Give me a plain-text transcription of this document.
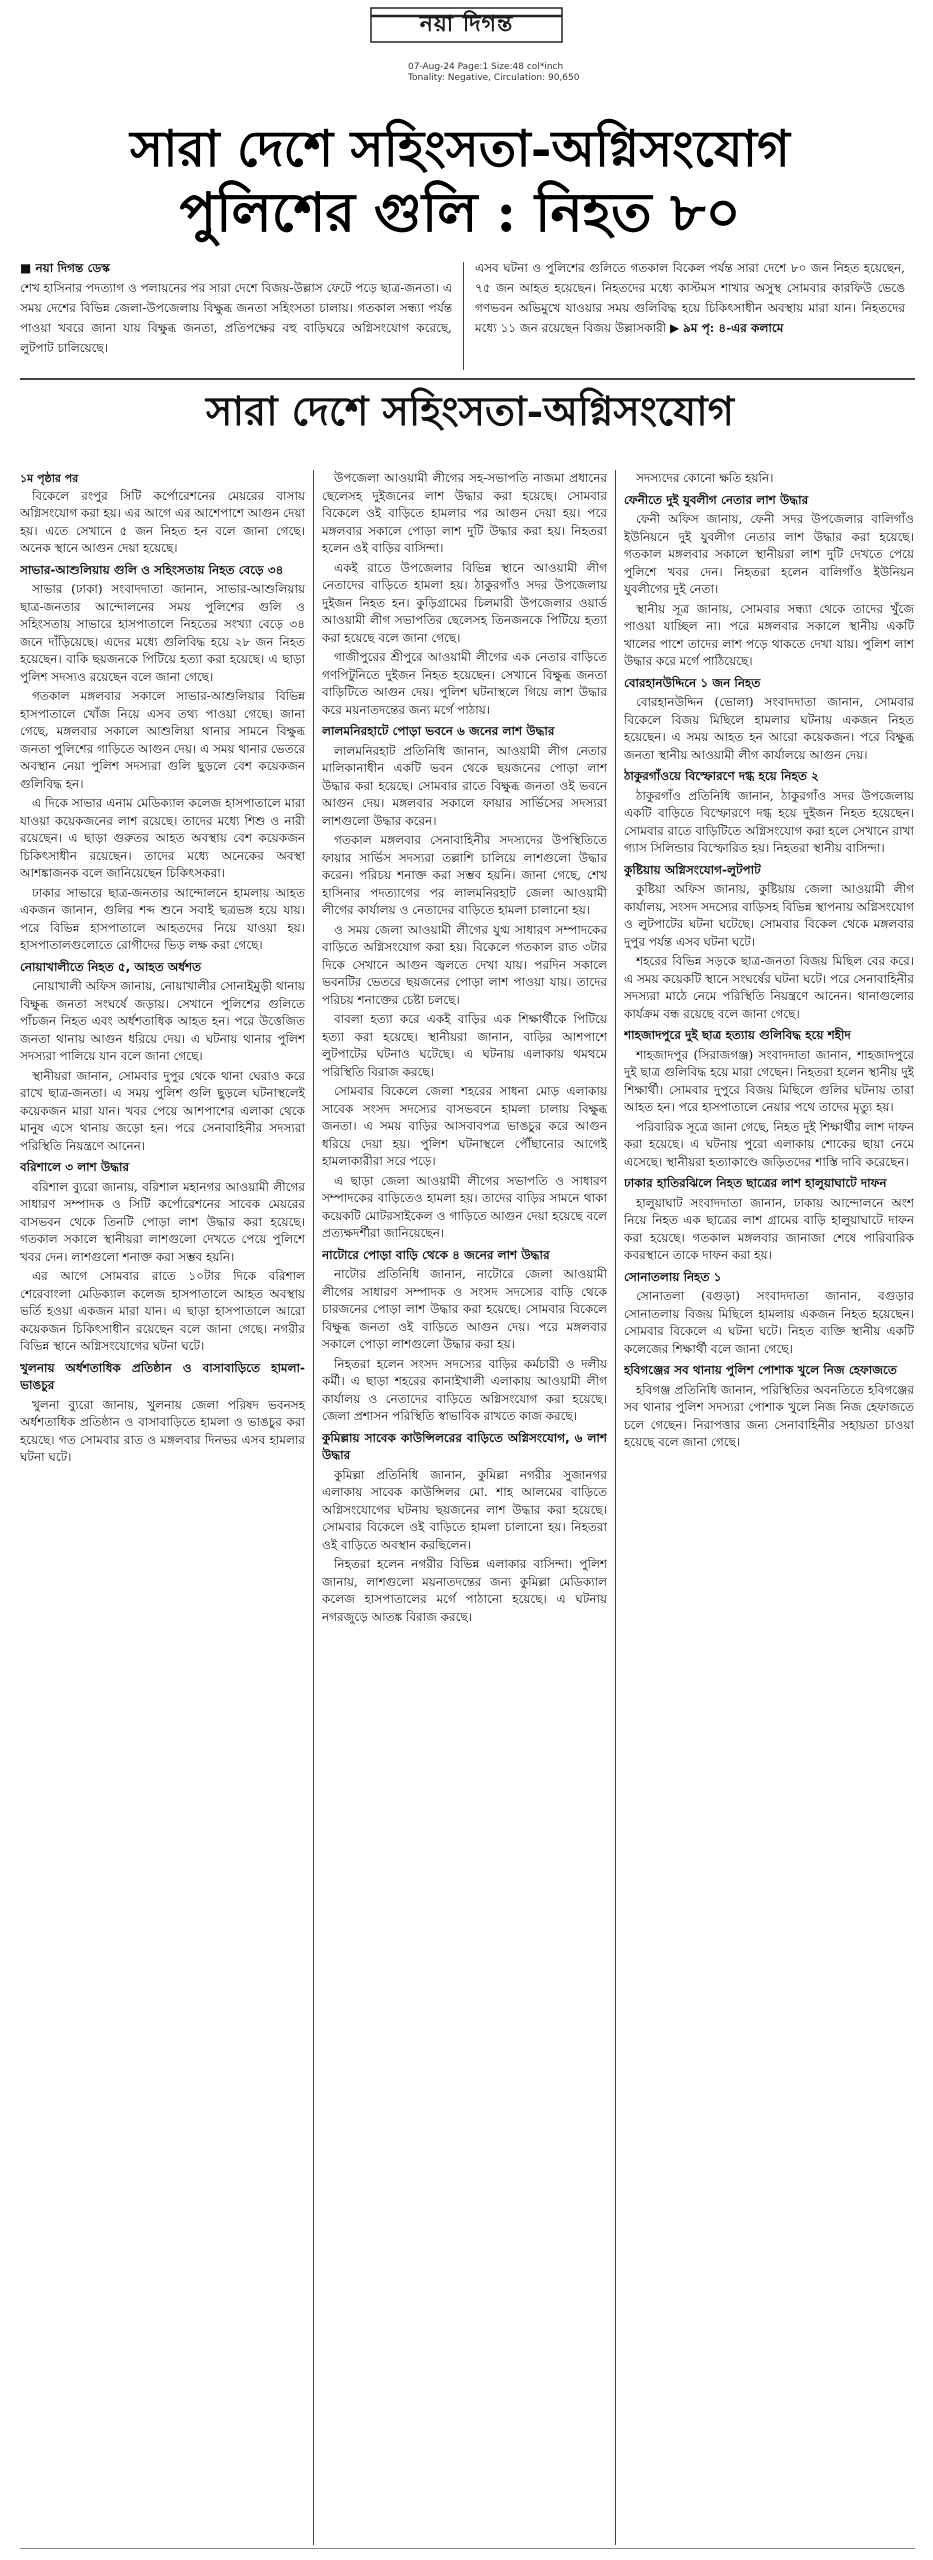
নয়া দিগন্ত
07-Aug-24 Page:1 Size:48 col*inch
Tonality: Negative, Circulation: 90,650
সারা দেশে সহিংসতা-অগ্নিসংযোগ
পুলিশের গুলি : নিহত ৮০
■ নয়া দিগন্ত ডেস্ক
শেখ হাসিনার পদত্যাগ ও পলায়নের পর সারা দেশে বিজয়-উল্লাস ফেটে পড়ে ছাত্র-জনতা। এ সময় দেশের বিভিন্ন জেলা-উপজেলায় বিক্ষুব্ধ জনতা সহিংসতা চালায়। গতকাল সন্ধ্যা পর্যন্ত পাওয়া খবরে জানা যায় বিক্ষুব্ধ জনতা, প্রতিপক্ষের বহু বাড়িঘরে অগ্নিসংযোগ করেছে, লুটপাট চালিয়েছে।
এসব ঘটনা ও পুলিশের গুলিতে গতকাল বিকেল পর্যন্ত সারা দেশে ৮০ জন নিহত হয়েছেন, ৭৫ জন আহত হয়েছেন। নিহতদের মধ্যে কাস্টমস শাখার অসুস্থ সোমবার কারফিউ ভেঙে গণভবন অভিমুখে যাওয়ার সময় গুলিবিদ্ধ হয়ে চিকিৎসাধীন অবস্থায় মারা যান। নিহতদের মধ্যে ১১ জন রয়েছেন বিজয় উল্লাসকারী ▶ ৯ম পৃ: ৪-এর কলামে
সারা দেশে সহিংসতা-অগ্নিসংযোগ
১ম পৃষ্ঠার পর

বিকেলে রংপুর সিটি কর্পোরেশনের মেয়রের বাসায় অগ্নিসংযোগ করা হয়। এর আগে এর আশেপাশে আগুন দেয়া হয়। এতে সেখানে ৫ জন নিহত হন বলে জানা গেছে। অনেক স্থানে আগুন দেয়া হয়েছে।

সাভার-আশুলিয়ায় গুলি ও সহিংসতায় নিহত বেড়ে ৩৪

সাভার (ঢাকা) সংবাদদাতা জানান, সাভার-আশুলিয়ায় ছাত্র-জনতার আন্দোলনের সময় পুলিশের গুলি ও সহিংসতায় সাভারে হাসপাতালে নিহতের সংখ্যা বেড়ে ৩৪ জনে দাঁড়িয়েছে। এদের মধ্যে গুলিবিদ্ধ হয়ে ২৮ জন নিহত হয়েছেন। বাকি ছয়জনকে পিটিয়ে হত্যা করা হয়েছে। এ ছাড়া পুলিশ সদস্যও রয়েছেন বলে জানা গেছে।

গতকাল মঙ্গলবার সকালে সাভার-আশুলিয়ার বিভিন্ন হাসপাতালে খোঁজ নিয়ে এসব তথ্য পাওয়া গেছে। জানা গেছে, মঙ্গলবার সকালে আশুলিয়া থানার সামনে বিক্ষুব্ধ জনতা পুলিশের গাড়িতে আগুন দেয়। এ সময় থানার ভেতরে অবস্থান নেয়া পুলিশ সদস্যরা গুলি ছুড়লে বেশ কয়েকজন গুলিবিদ্ধ হন।

এ দিকে সাভার এনাম মেডিক্যাল কলেজ হাসপাতালে মারা যাওয়া কয়েকজনের লাশ রয়েছে। তাদের মধ্যে শিশু ও নারী রয়েছেন। এ ছাড়া গুরুতর আহত অবস্থায় বেশ কয়েকজন চিকিৎসাধীন রয়েছেন। তাদের মধ্যে অনেকের অবস্থা আশঙ্কাজনক বলে জানিয়েছেন চিকিৎসকরা।

ঢাকার সাভারে ছাত্র-জনতার আন্দোলনে হামলায় আহত একজন জানান, গুলির শব্দ শুনে সবাই ছত্রভঙ্গ হয়ে যায়। পরে বিভিন্ন হাসপাতালে আহতদের নিয়ে যাওয়া হয়। হাসপাতালগুলোতে রোগীদের ভিড় লক্ষ করা গেছে।

নোয়াখালীতে নিহত ৫, আহত অর্ধশত

নোয়াখালী অফিস জানায়, নোয়াখালীর সোনাইমুড়ী থানায় বিক্ষুব্ধ জনতা সংঘর্ষে জড়ায়। সেখানে পুলিশের গুলিতে পাঁচজন নিহত এবং অর্ধশতাধিক আহত হন। পরে উত্তেজিত জনতা থানায় আগুন ধরিয়ে দেয়। এ ঘটনায় থানার পুলিশ সদস্যরা পালিয়ে যান বলে জানা গেছে।

স্থানীয়রা জানান, সোমবার দুপুর থেকে থানা ঘেরাও করে রাখে ছাত্র-জনতা। এ সময় পুলিশ গুলি ছুড়লে ঘটনাস্থলেই কয়েকজন মারা যান। খবর পেয়ে আশপাশের এলাকা থেকে মানুষ এসে থানায় জড়ো হন। পরে সেনাবাহিনীর সদস্যরা পরিস্থিতি নিয়ন্ত্রণে আনেন।

বরিশালে ৩ লাশ উদ্ধার

বরিশাল ব্যুরো জানায়, বরিশাল মহানগর আওয়ামী লীগের সাধারণ সম্পাদক ও সিটি কর্পোরেশনের সাবেক মেয়রের বাসভবন থেকে তিনটি পোড়া লাশ উদ্ধার করা হয়েছে। গতকাল সকালে স্থানীয়রা লাশগুলো দেখতে পেয়ে পুলিশে খবর দেন। লাশগুলো শনাক্ত করা সম্ভব হয়নি।

এর আগে সোমবার রাতে ১০টার দিকে বরিশাল শেরেবাংলা মেডিক্যাল কলেজ হাসপাতালে আহত অবস্থায় ভর্তি হওয়া একজন মারা যান। এ ছাড়া হাসপাতালে আরো কয়েকজন চিকিৎসাধীন রয়েছেন বলে জানা গেছে। নগরীর বিভিন্ন স্থানে অগ্নিসংযোগের ঘটনা ঘটে।

খুলনায় অর্ধশতাধিক প্রতিষ্ঠান ও বাসাবাড়িতে হামলা-ভাঙচুর

খুলনা ব্যুরো জানায়, খুলনায় জেলা পরিষদ ভবনসহ অর্ধশতাধিক প্রতিষ্ঠান ও বাসাবাড়িতে হামলা ও ভাঙচুর করা হয়েছে। গত সোমবার রাত ও মঙ্গলবার দিনভর এসব হামলার ঘটনা ঘটে।

উপজেলা আওয়ামী লীগের সহ-সভাপতি নাজমা প্রধানের ছেলেসহ দুইজনের লাশ উদ্ধার করা হয়েছে। সোমবার বিকেলে ওই বাড়িতে হামলার পর আগুন দেয়া হয়। পরে মঙ্গলবার সকালে পোড়া লাশ দুটি উদ্ধার করা হয়। নিহতরা হলেন ওই বাড়ির বাসিন্দা।

একই রাতে উপজেলার বিভিন্ন স্থানে আওয়ামী লীগ নেতাদের বাড়িতে হামলা হয়। ঠাকুরগাঁও সদর উপজেলায় দুইজন নিহত হন। কুড়িগ্রামের চিলমারী উপজেলার ওয়ার্ড আওয়ামী লীগ সভাপতির ছেলেসহ তিনজনকে পিটিয়ে হত্যা করা হয়েছে বলে জানা গেছে।

গাজীপুরের শ্রীপুরে আওয়ামী লীগের এক নেতার বাড়িতে গণপিটুনিতে দুইজন নিহত হয়েছেন। সেখানে বিক্ষুব্ধ জনতা বাড়িটিতে আগুন দেয়। পুলিশ ঘটনাস্থলে গিয়ে লাশ উদ্ধার করে ময়নাতদন্তের জন্য মর্গে পাঠায়।

লালমনিরহাটে পোড়া ভবনে ৬ জনের লাশ উদ্ধার

লালমনিরহাট প্রতিনিধি জানান, আওয়ামী লীগ নেতার মালিকানাধীন একটি ভবন থেকে ছয়জনের পোড়া লাশ উদ্ধার করা হয়েছে। সোমবার রাতে বিক্ষুব্ধ জনতা ওই ভবনে আগুন দেয়। মঙ্গলবার সকালে ফায়ার সার্ভিসের সদস্যরা লাশগুলো উদ্ধার করেন।

গতকাল মঙ্গলবার সেনাবাহিনীর সদস্যদের উপস্থিতিতে ফায়ার সার্ভিস সদস্যরা তল্লাশি চালিয়ে লাশগুলো উদ্ধার করেন। পরিচয় শনাক্ত করা সম্ভব হয়নি। জানা গেছে, শেখ হাসিনার পদত্যাগের পর লালমনিরহাট জেলা আওয়ামী লীগের কার্যালয় ও নেতাদের বাড়িতে হামলা চালানো হয়।

ও সময় জেলা আওয়ামী লীগের যুগ্ম সাধারণ সম্পাদকের বাড়িতে অগ্নিসংযোগ করা হয়। বিকেলে গতকাল রাত ৩টার দিকে সেখানে আগুন জ্বলতে দেখা যায়। পরদিন সকালে ভবনটির ভেতরে ছয়জনের পোড়া লাশ পাওয়া যায়। তাদের পরিচয় শনাক্তের চেষ্টা চলছে।

বাবলা হত্যা করে একই বাড়ির এক শিক্ষার্থীকে পিটিয়ে হত্যা করা হয়েছে। স্থানীয়রা জানান, বাড়ির আশপাশে লুটপাটের ঘটনাও ঘটেছে। এ ঘটনায় এলাকায় থমথমে পরিস্থিতি বিরাজ করছে।

সোমবার বিকেলে জেলা শহরের সাধনা মোড় এলাকায় সাবেক সংসদ সদস্যের বাসভবনে হামলা চালায় বিক্ষুব্ধ জনতা। এ সময় বাড়ির আসবাবপত্র ভাঙচুর করে আগুন ধরিয়ে দেয়া হয়। পুলিশ ঘটনাস্থলে পৌঁছানোর আগেই হামলাকারীরা সরে পড়ে।

এ ছাড়া জেলা আওয়ামী লীগের সভাপতি ও সাধারণ সম্পাদকের বাড়িতেও হামলা হয়। তাদের বাড়ির সামনে থাকা কয়েকটি মোটরসাইকেল ও গাড়িতে আগুন দেয়া হয়েছে বলে প্রত্যক্ষদর্শীরা জানিয়েছেন।

নাটোরে পোড়া বাড়ি থেকে ৪ জনের লাশ উদ্ধার

নাটোর প্রতিনিধি জানান, নাটোরে জেলা আওয়ামী লীগের সাধারণ সম্পাদক ও সংসদ সদস্যের বাড়ি থেকে চারজনের পোড়া লাশ উদ্ধার করা হয়েছে। সোমবার বিকেলে বিক্ষুব্ধ জনতা ওই বাড়িতে আগুন দেয়। পরে মঙ্গলবার সকালে পোড়া লাশগুলো উদ্ধার করা হয়।

নিহতরা হলেন সংসদ সদস্যের বাড়ির কর্মচারী ও দলীয় কর্মী। এ ছাড়া শহরের কানাইখালী এলাকায় আওয়ামী লীগ কার্যালয় ও নেতাদের বাড়িতে অগ্নিসংযোগ করা হয়েছে। জেলা প্রশাসন পরিস্থিতি স্বাভাবিক রাখতে কাজ করছে।

কুমিল্লায় সাবেক কাউন্সিলরের বাড়িতে অগ্নিসংযোগ, ৬ লাশ উদ্ধার

কুমিল্লা প্রতিনিধি জানান, কুমিল্লা নগরীর সুজানগর এলাকায় সাবেক কাউন্সিলর মো. শাহ আলমের বাড়িতে অগ্নিসংযোগের ঘটনায় ছয়জনের লাশ উদ্ধার করা হয়েছে। সোমবার বিকেলে ওই বাড়িতে হামলা চালানো হয়। নিহতরা ওই বাড়িতে অবস্থান করছিলেন।

নিহতরা হলেন নগরীর বিভিন্ন এলাকার বাসিন্দা। পুলিশ জানায়, লাশগুলো ময়নাতদন্তের জন্য কুমিল্লা মেডিক্যাল কলেজ হাসপাতালের মর্গে পাঠানো হয়েছে। এ ঘটনায় নগরজুড়ে আতঙ্ক বিরাজ করছে।

সদস্যদের কোনো ক্ষতি হয়নি।

ফেনীতে দুই যুবলীগ নেতার লাশ উদ্ধার

ফেনী অফিস জানায়, ফেনী সদর উপজেলার বালিগাঁও ইউনিয়নে দুই যুবলীগ নেতার লাশ উদ্ধার করা হয়েছে। গতকাল মঙ্গলবার সকালে স্থানীয়রা লাশ দুটি দেখতে পেয়ে পুলিশে খবর দেন। নিহতরা হলেন বালিগাঁও ইউনিয়ন যুবলীগের দুই নেতা।

স্থানীয় সূত্র জানায়, সোমবার সন্ধ্যা থেকে তাদের খুঁজে পাওয়া যাচ্ছিল না। পরে মঙ্গলবার সকালে স্থানীয় একটি খালের পাশে তাদের লাশ পড়ে থাকতে দেখা যায়। পুলিশ লাশ উদ্ধার করে মর্গে পাঠিয়েছে।

বোরহানউদ্দিনে ১ জন নিহত

বোরহানউদ্দিন (ভোলা) সংবাদদাতা জানান, সোমবার বিকেলে বিজয় মিছিলে হামলার ঘটনায় একজন নিহত হয়েছেন। এ সময় আহত হন আরো কয়েকজন। পরে বিক্ষুব্ধ জনতা স্থানীয় আওয়ামী লীগ কার্যালয়ে আগুন দেয়।

ঠাকুরগাঁওয়ে বিস্ফোরণে দগ্ধ হয়ে নিহত ২

ঠাকুরগাঁও প্রতিনিধি জানান, ঠাকুরগাঁও সদর উপজেলায় একটি বাড়িতে বিস্ফোরণে দগ্ধ হয়ে দুইজন নিহত হয়েছেন। সোমবার রাতে বাড়িটিতে অগ্নিসংযোগ করা হলে সেখানে রাখা গ্যাস সিলিন্ডার বিস্ফোরিত হয়। নিহতরা স্থানীয় বাসিন্দা।

কুষ্টিয়ায় অগ্নিসংযোগ-লুটপাট

কুষ্টিয়া অফিস জানায়, কুষ্টিয়ায় জেলা আওয়ামী লীগ কার্যালয়, সংসদ সদস্যের বাড়িসহ বিভিন্ন স্থাপনায় অগ্নিসংযোগ ও লুটপাটের ঘটনা ঘটেছে। সোমবার বিকেল থেকে মঙ্গলবার দুপুর পর্যন্ত এসব ঘটনা ঘটে।

শহরের বিভিন্ন সড়কে ছাত্র-জনতা বিজয় মিছিল বের করে। এ সময় কয়েকটি স্থানে সংঘর্ষের ঘটনা ঘটে। পরে সেনাবাহিনীর সদস্যরা মাঠে নেমে পরিস্থিতি নিয়ন্ত্রণে আনেন। থানাগুলোর কার্যক্রম বন্ধ রয়েছে বলে জানা গেছে।

শাহজাদপুরে দুই ছাত্র হত্যায় গুলিবিদ্ধ হয়ে শহীদ

শাহজাদপুর (সিরাজগঞ্জ) সংবাদদাতা জানান, শাহজাদপুরে দুই ছাত্র গুলিবিদ্ধ হয়ে মারা গেছেন। নিহতরা হলেন স্থানীয় দুই শিক্ষার্থী। সোমবার দুপুরে বিজয় মিছিলে গুলির ঘটনায় তারা আহত হন। পরে হাসপাতালে নেয়ার পথে তাদের মৃত্যু হয়।

পরিবারিক সূত্রে জানা গেছে, নিহত দুই শিক্ষার্থীর লাশ দাফন করা হয়েছে। এ ঘটনায় পুরো এলাকায় শোকের ছায়া নেমে এসেছে। স্থানীয়রা হত্যাকাণ্ডে জড়িতদের শাস্তি দাবি করেছেন।

ঢাকার হাতিরঝিলে নিহত ছাত্রের লাশ হালুয়াঘাটে দাফন

হালুয়াঘাট সংবাদদাতা জানান, ঢাকায় আন্দোলনে অংশ নিয়ে নিহত এক ছাত্রের লাশ গ্রামের বাড়ি হালুয়াঘাটে দাফন করা হয়েছে। গতকাল মঙ্গলবার জানাজা শেষে পারিবারিক কবরস্থানে তাকে দাফন করা হয়।

সোনাতলায় নিহত ১

সোনাতলা (বগুড়া) সংবাদদাতা জানান, বগুড়ার সোনাতলায় বিজয় মিছিলে হামলায় একজন নিহত হয়েছেন। সোমবার বিকেলে এ ঘটনা ঘটে। নিহত ব্যক্তি স্থানীয় একটি কলেজের শিক্ষার্থী বলে জানা গেছে।

হবিগঞ্জের সব থানায় পুলিশ পোশাক খুলে নিজ হেফাজতে

হবিগঞ্জ প্রতিনিধি জানান, পরিস্থিতির অবনতিতে হবিগঞ্জের সব থানার পুলিশ সদস্যরা পোশাক খুলে নিজ নিজ হেফাজতে চলে গেছেন। নিরাপত্তার জন্য সেনাবাহিনীর সহায়তা চাওয়া হয়েছে বলে জানা গেছে।
